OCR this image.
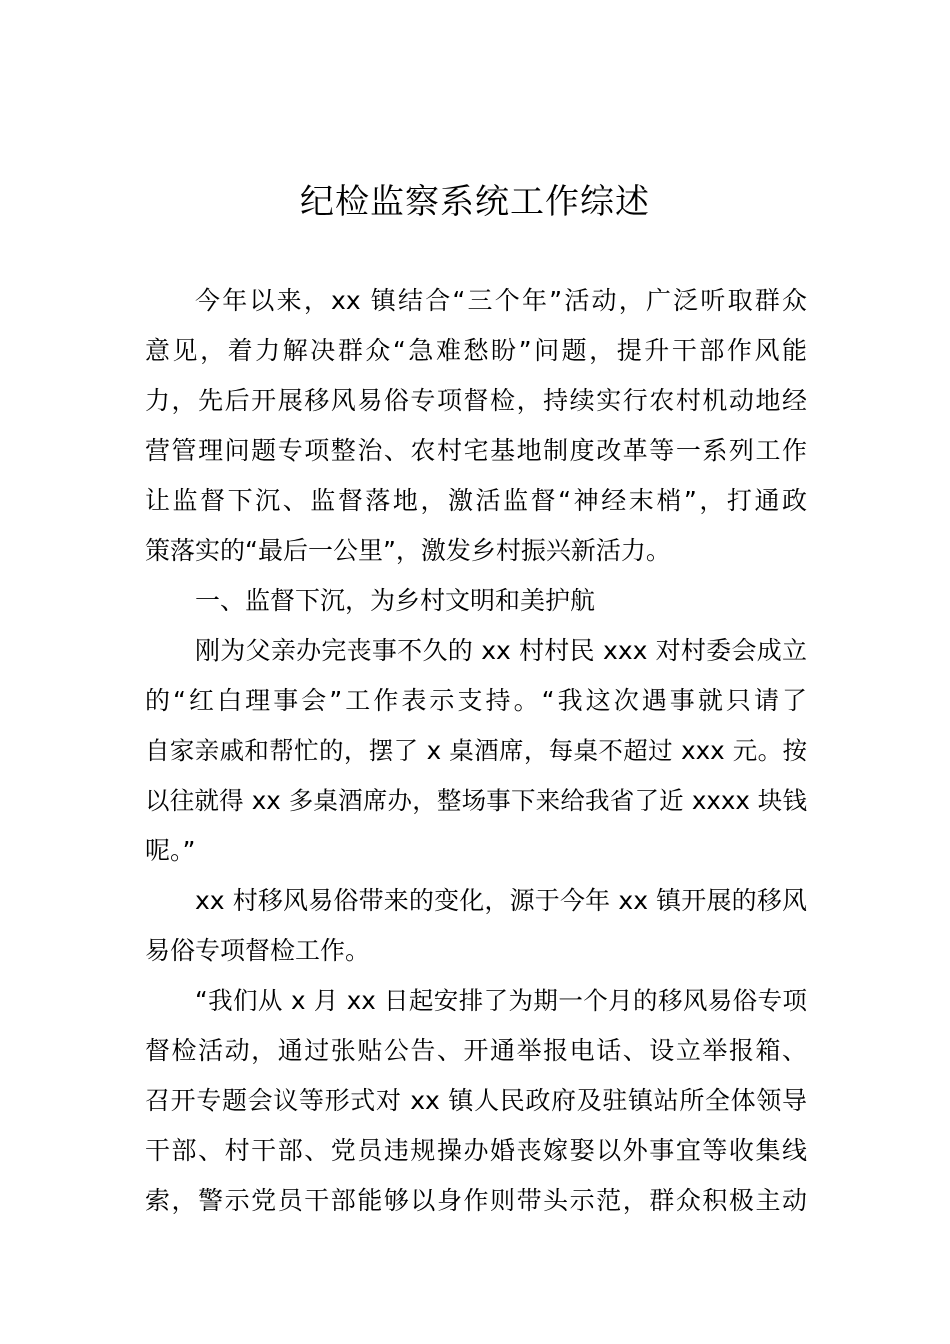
纪检监察系统工作综述
今年以来，xx 镇结合“三个年”活动，广泛听取群众
意见，着力解决群众“急难愁盼”问题，提升干部作风能
力，先后开展移风易俗专项督检，持续实行农村机动地经
营管理问题专项整治、农村宅基地制度改革等一系列工作
让监督下沉、监督落地，激活监督“神经末梢”，打通政
策落实的“最后一公里”，激发乡村振兴新活力。
一、监督下沉，为乡村文明和美护航
刚为父亲办完丧事不久的 xx 村村民 xxx 对村委会成立
的“红白理事会”工作表示支持。“我这次遇事就只请了
自家亲戚和帮忙的，摆了 x 桌酒席，每桌不超过 xxx 元。按
以往就得 xx 多桌酒席办，整场事下来给我省了近 xxxx 块钱
呢。”
xx 村移风易俗带来的变化，源于今年 xx 镇开展的移风
易俗专项督检工作。
“我们从 x 月 xx 日起安排了为期一个月的移风易俗专项
督检活动，通过张贴公告、开通举报电话、设立举报箱、
召开专题会议等形式对 xx 镇人民政府及驻镇站所全体领导
干部、村干部、党员违规操办婚丧嫁娶以外事宜等收集线
索，警示党员干部能够以身作则带头示范，群众积极主动
